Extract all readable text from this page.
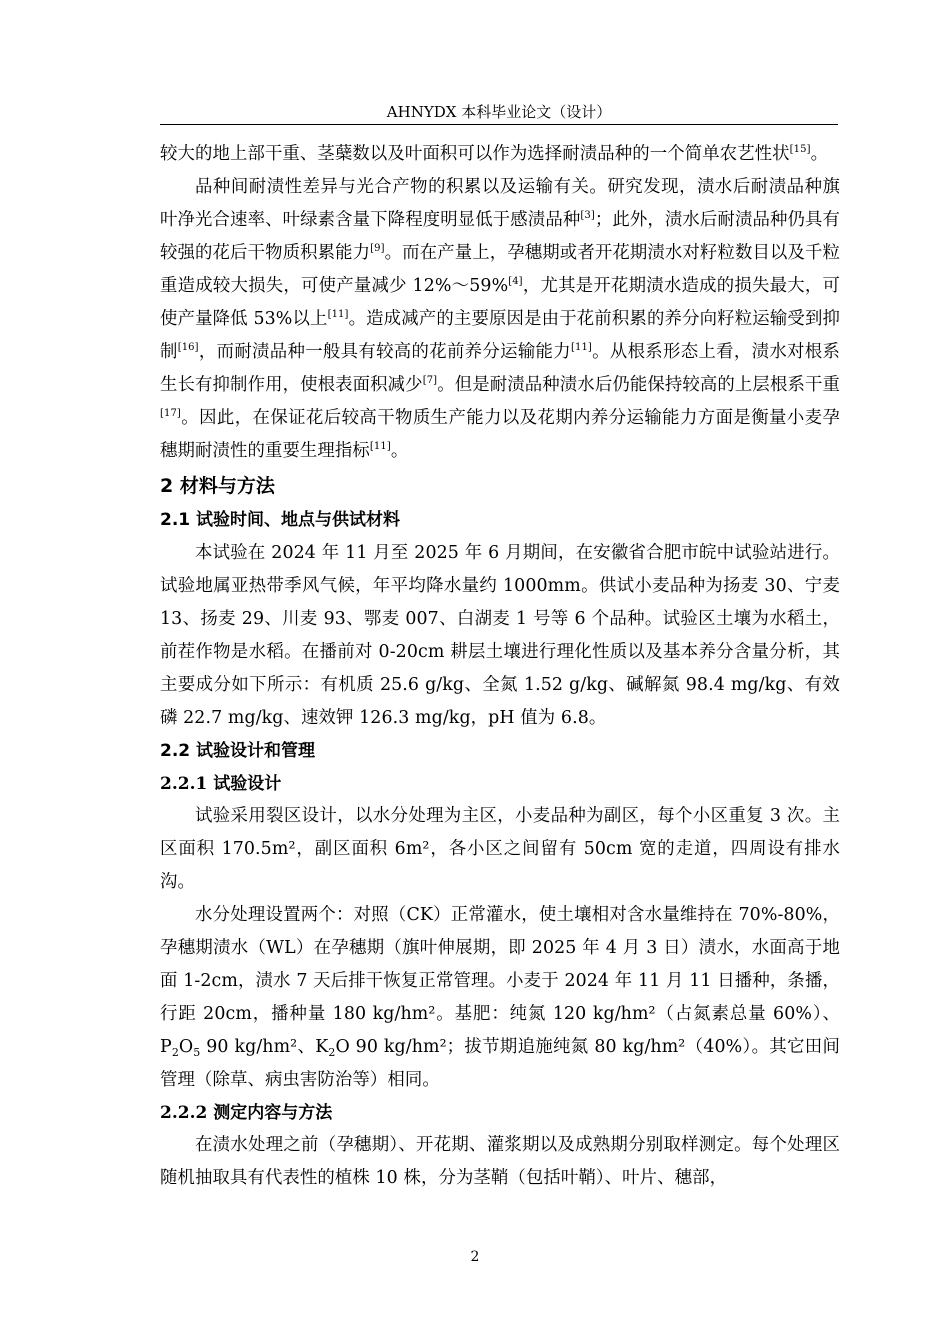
AHNYDX 本科毕业论文（设计）

较大的地上部干重、茎蘖数以及叶面积可以作为选择耐渍品种的一个简单农艺性状[15]。

品种间耐渍性差异与光合产物的积累以及运输有关。研究发现，渍水后耐渍品种旗叶净光合速率、叶绿素含量下降程度明显低于感渍品种[3]；此外，渍水后耐渍品种仍具有较强的花后干物质积累能力[9]。而在产量上，孕穗期或者开花期渍水对籽粒数目以及千粒重造成较大损失，可使产量减少 12%～59%[4]，尤其是开花期渍水造成的损失最大，可使产量降低 53%以上[11]。造成减产的主要原因是由于花前积累的养分向籽粒运输受到抑制[16]，而耐渍品种一般具有较高的花前养分运输能力[11]。从根系形态上看，渍水对根系生长有抑制作用，使根表面积减少[7]。但是耐渍品种渍水后仍能保持较高的上层根系干重[17]。因此，在保证花后较高干物质生产能力以及花期内养分运输能力方面是衡量小麦孕穗期耐渍性的重要生理指标[11]。

2 材料与方法
2.1 试验时间、地点与供试材料

本试验在 2024 年 11 月至 2025 年 6 月期间，在安徽省合肥市皖中试验站进行。试验地属亚热带季风气候，年平均降水量约 1000mm。供试小麦品种为扬麦 30、宁麦 13、扬麦 29、川麦 93、鄂麦 007、白湖麦 1 号等 6 个品种。试验区土壤为水稻土，前茬作物是水稻。在播前对 0-20cm 耕层土壤进行理化性质以及基本养分含量分析，其主要成分如下所示：有机质 25.6 g/kg、全氮 1.52 g/kg、碱解氮 98.4 mg/kg、有效磷 22.7 mg/kg、速效钾 126.3 mg/kg，pH 值为 6.8。

2.2 试验设计和管理
2.2.1 试验设计

试验采用裂区设计，以水分处理为主区，小麦品种为副区，每个小区重复 3 次。主区面积 170.5m²，副区面积 6m²，各小区之间留有 50cm 宽的走道，四周设有排水沟。

水分处理设置两个：对照（CK）正常灌水，使土壤相对含水量维持在 70%-80%，孕穗期渍水（WL）在孕穗期（旗叶伸展期，即 2025 年 4 月 3 日）渍水，水面高于地面 1-2cm，渍水 7 天后排干恢复正常管理。小麦于 2024 年 11 月 11 日播种，条播，行距 20cm，播种量 180 kg/hm²。基肥：纯氮 120 kg/hm²（占氮素总量 60%）、$P_2O_5$ 90 kg/hm²、$K_2O$ 90 kg/hm²；拔节期追施纯氮 80 kg/hm²（40%）。其它田间管理（除草、病虫害防治等）相同。

2.2.2 测定内容与方法

在渍水处理之前（孕穗期）、开花期、灌浆期以及成熟期分别取样测定。每个处理区随机抽取具有代表性的植株 10 株，分为茎鞘（包括叶鞘）、叶片、穗部，

2
